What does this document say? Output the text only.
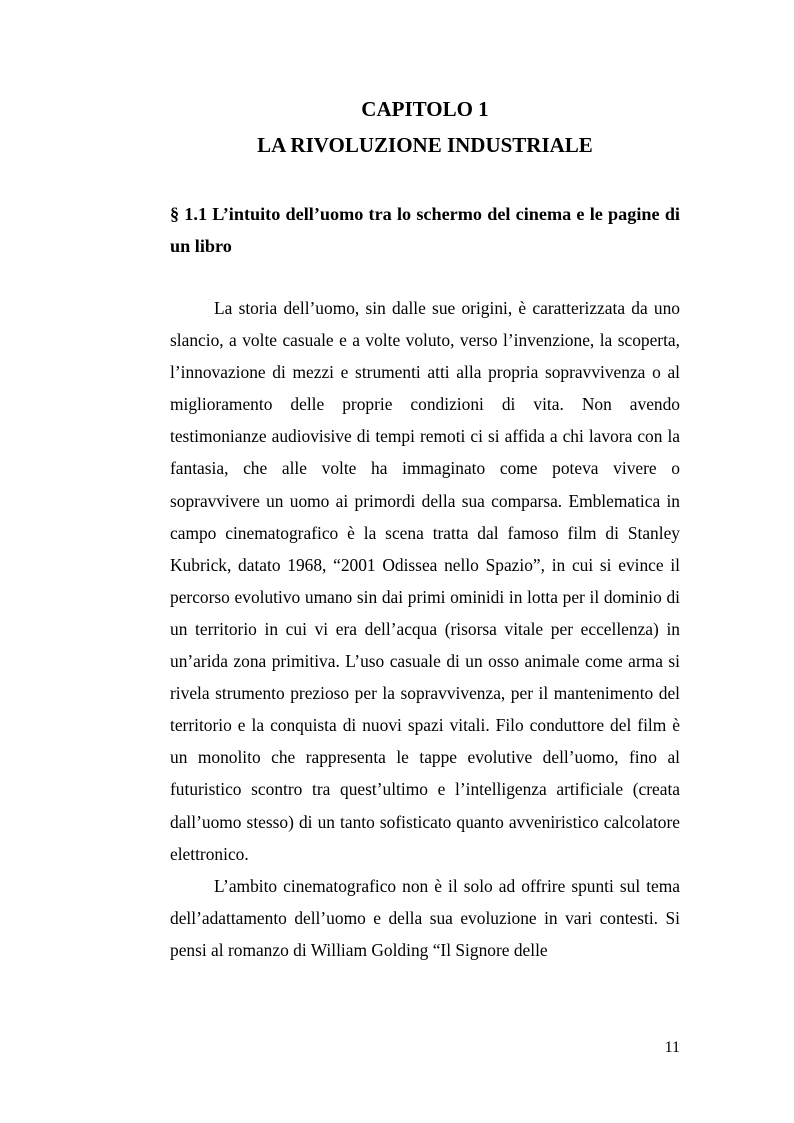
CAPITOLO 1
LA RIVOLUZIONE INDUSTRIALE
§ 1.1 L’intuito dell’uomo tra lo schermo del cinema e le pagine di un libro

La storia dell’uomo, sin dalle sue origini, è caratterizzata da uno slancio, a volte casuale e a volte voluto, verso l’invenzione, la scoperta, l’innovazione di mezzi e strumenti atti alla propria sopravvivenza o al miglioramento delle proprie condizioni di vita. Non avendo testimonianze audiovisive di tempi remoti ci si affida a chi lavora con la fantasia, che alle volte ha immaginato come poteva vivere o sopravvivere un uomo ai primordi della sua comparsa. Emblematica in campo cinematografico è la scena tratta dal famoso film di Stanley Kubrick, datato 1968, “2001 Odissea nello Spazio”, in cui si evince il percorso evolutivo umano sin dai primi ominidi in lotta per il dominio di un territorio in cui vi era dell’acqua (risorsa vitale per eccellenza) in un’arida zona primitiva. L’uso casuale di un osso animale come arma si rivela strumento prezioso per la sopravvivenza, per il mantenimento del territorio e la conquista di nuovi spazi vitali. Filo conduttore del film è un monolito che rappresenta le tappe evolutive dell’uomo, fino al futuristico scontro tra quest’ultimo e l’intelligenza artificiale (creata dall’uomo stesso) di un tanto sofisticato quanto avveniristico calcolatore elettronico.

L’ambito cinematografico non è il solo ad offrire spunti sul tema dell’adattamento dell’uomo e della sua evoluzione in vari contesti. Si pensi al romanzo di William Golding “Il Signore delle

11
